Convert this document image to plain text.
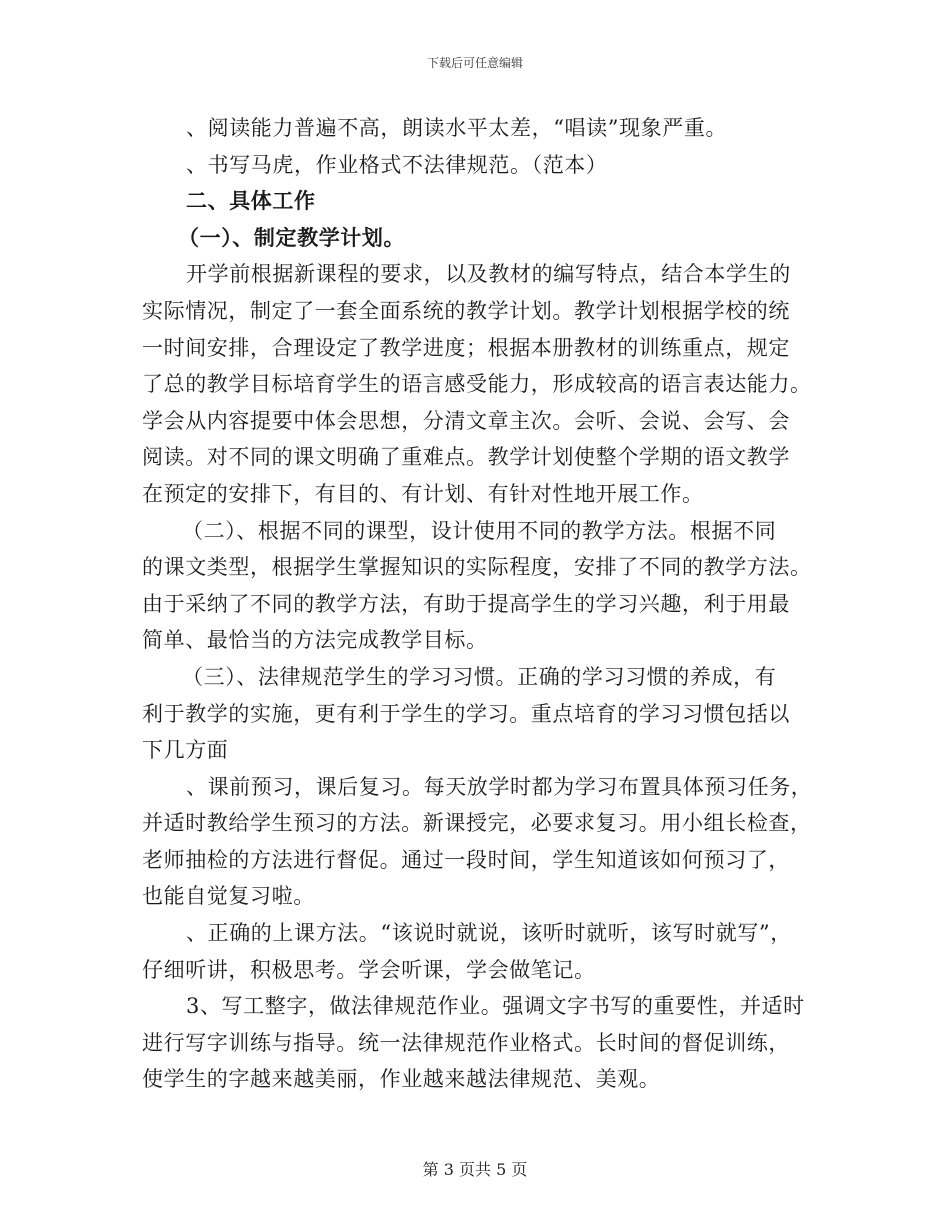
下载后可任意编辑
、阅读能力普遍不高，朗读水平太差，“唱读”现象严重。
、书写马虎，作业格式不法律规范。（范本）
二、具体工作
（一）、制定教学计划。
开学前根据新课程的要求，以及教材的编写特点，结合本学生的
实际情况，制定了一套全面系统的教学计划。教学计划根据学校的统
一时间安排，合理设定了教学进度；根据本册教材的训练重点，规定
了总的教学目标培育学生的语言感受能力，形成较高的语言表达能力。
学会从内容提要中体会思想，分清文章主次。会听、会说、会写、会
阅读。对不同的课文明确了重难点。教学计划使整个学期的语文教学
在预定的安排下，有目的、有计划、有针对性地开展工作。
（二）、根据不同的课型，设计使用不同的教学方法。根据不同
的课文类型，根据学生掌握知识的实际程度，安排了不同的教学方法。
由于采纳了不同的教学方法，有助于提高学生的学习兴趣，利于用最
简单、最恰当的方法完成教学目标。
（三）、法律规范学生的学习习惯。正确的学习习惯的养成，有
利于教学的实施，更有利于学生的学习。重点培育的学习习惯包括以
下几方面
、课前预习，课后复习。每天放学时都为学习布置具体预习任务，
并适时教给学生预习的方法。新课授完，必要求复习。用小组长检查，
老师抽检的方法进行督促。通过一段时间，学生知道该如何预习了，
也能自觉复习啦。
、正确的上课方法。“该说时就说，该听时就听，该写时就写”，
仔细听讲，积极思考。学会听课，学会做笔记。
3、写工整字，做法律规范作业。强调文字书写的重要性，并适时
进行写字训练与指导。统一法律规范作业格式。长时间的督促训练，
使学生的字越来越美丽，作业越来越法律规范、美观。
第 3 页共 5 页
